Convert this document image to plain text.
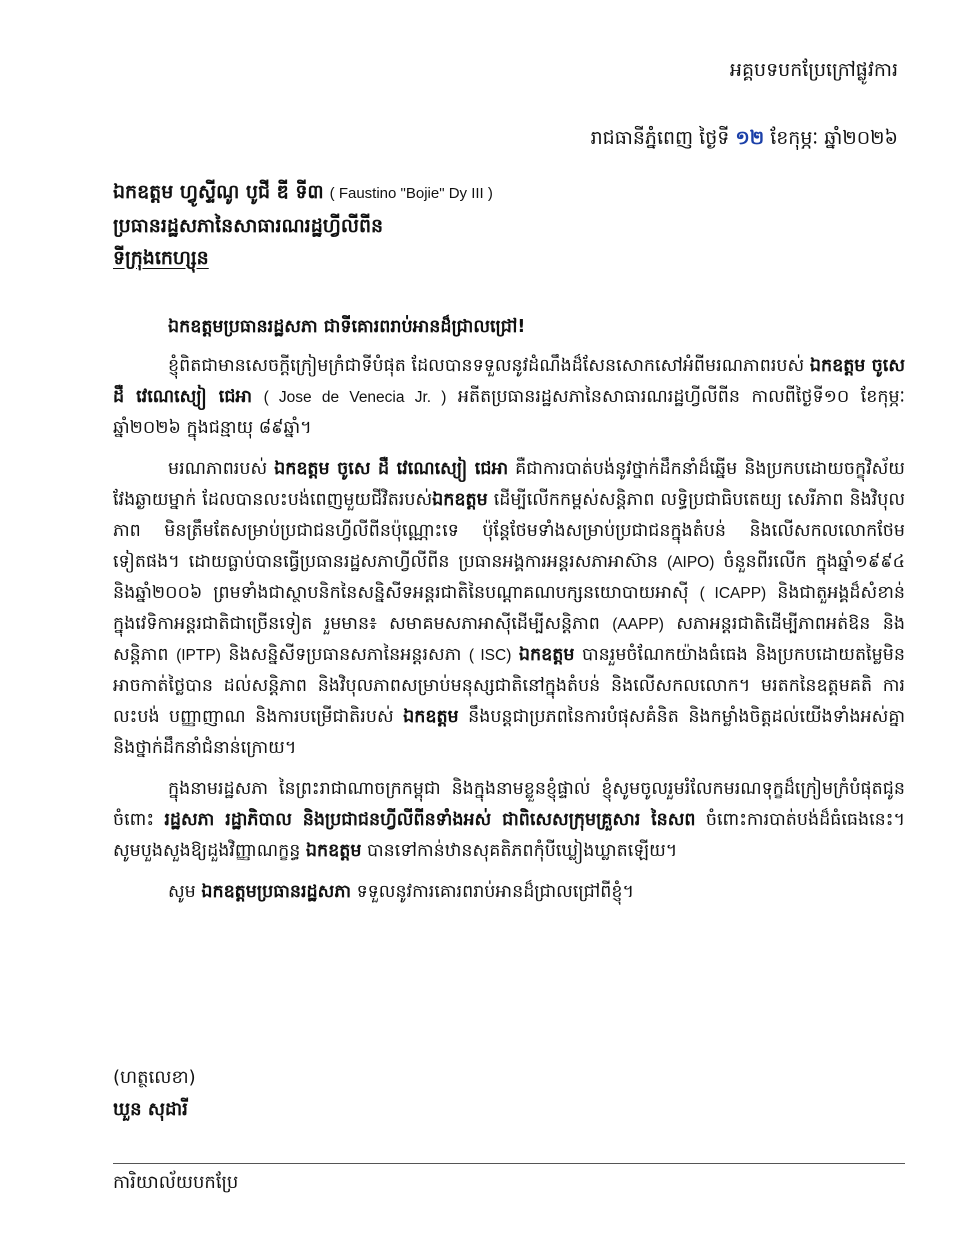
អគ្គបទបកប្រែក្រៅផ្លូវការ
រាជធានីភ្នំពេញ ថ្ងៃទី ១២ ខែកុម្ភៈ ឆ្នាំ២០២៦
ឯកឧត្តម ហ្វូស្ទីណូ បូជី ឌី ទី៣ ( Faustino "Bojie" Dy III )
ប្រធានរដ្ឋសភានៃសាធារណរដ្ឋហ្វីលីពីន
ទីក្រុងកេហ្សុន

ឯកឧត្តមប្រធានរដ្ឋសភា ជាទីគោរពរាប់អានដ៏ជ្រាលជ្រៅ!

ខ្ញុំពិតជាមានសេចក្តីក្រៀមក្រំជាទីបំផុត ដែលបានទទួលនូវដំណឹងដ៏សែនសោកសៅអំពីមរណភាពរបស់ ឯកឧត្តម ចូសេ ដឺ វេណេស្យៀ ជេអា ( Jose de Venecia Jr. ) អតីតប្រធានរដ្ឋសភានៃសាធារណរដ្ឋហ្វីលីពីន កាលពីថ្ងៃទី១០ ខែកុម្ភៈ ឆ្នាំ២០២៦ ក្នុងជន្មាយុ ៨៩ឆ្នាំ។

មរណភាពរបស់ ឯកឧត្តម ចូសេ ដឺ វេណេស្យៀ ជេអា គឺជាការបាត់បង់នូវថ្នាក់ដឹកនាំដ៏ឆ្នើម និងប្រកបដោយចក្ខុវិស័យវែងឆ្ងាយម្នាក់ ដែលបានលះបង់ពេញមួយជីវិតរបស់ឯកឧត្តម ដើម្បីលើកកម្ពស់សន្តិភាព លទ្ធិប្រជាធិបតេយ្យ សេរីភាព និងវិបុលភាព មិនត្រឹមតែសម្រាប់ប្រជាជនហ្វីលីពីនប៉ុណ្ណោះទេ ប៉ុន្តែថែមទាំងសម្រាប់ប្រជាជនក្នុងតំបន់ និងលើសកលលោកថែមទៀតផង។ ដោយធ្លាប់បានធ្វើប្រធានរដ្ឋសភាហ្វីលីពីន ប្រធានអង្គការអន្តរសភាអាស៊ាន (AIPO) ចំនួនពីរលើក ក្នុងឆ្នាំ១៩៩៤ និងឆ្នាំ២០០៦ ព្រមទាំងជាស្ថាបនិកនៃសន្និសីទអន្តរជាតិនៃបណ្តាគណបក្សនយោបាយអាស៊ី ( ICAPP) និងជាតួអង្គដ៏សំខាន់ក្នុងវេទិកាអន្តរជាតិជាច្រើនទៀត រួមមាន៖ សមាគមសភាអាស៊ីដើម្បីសន្តិភាព (AAPP) សភាអន្តរជាតិដើម្បីភាពអត់ឱន និងសន្តិភាព (IPTP) និងសន្និសីទប្រធានសភានៃអន្តរសភា ( ISC) ឯកឧត្តម បានរួមចំណែកយ៉ាងធំធេង និងប្រកបដោយតម្លៃមិនអាចកាត់ថ្លៃបាន ដល់សន្តិភាព និងវិបុលភាពសម្រាប់មនុស្សជាតិនៅក្នុងតំបន់ និងលើសកលលោក។ មរតកនៃឧត្តមគតិ ការលះបង់ បញ្ញាញាណ និងការបម្រើជាតិរបស់ ឯកឧត្តម នឹងបន្តជាប្រភពនៃការបំផុសគំនិត និងកម្លាំងចិត្តដល់យើងទាំងអស់គ្នា និងថ្នាក់ដឹកនាំជំនាន់ក្រោយ។

ក្នុងនាមរដ្ឋសភា នៃព្រះរាជាណាចក្រកម្ពុជា និងក្នុងនាមខ្លួនខ្ញុំផ្ទាល់ ខ្ញុំសូមចូលរួមរំលែកមរណទុក្ខដ៏ក្រៀមក្រំបំផុតជូនចំពោះ រដ្ឋសភា រដ្ឋាភិបាល និងប្រជាជនហ្វីលីពីនទាំងអស់ ជាពិសេសក្រុមគ្រួសារ នៃសព ចំពោះការបាត់បង់ដ៏ធំធេងនេះ។ សូមបួងសួងឱ្យដួងវិញ្ញាណក្ខន្ធ ឯកឧត្តម បានទៅកាន់ឋានសុគតិភពកុំបីឃ្លៀងឃ្លាតឡើយ។

សូម ឯកឧត្តមប្រធានរដ្ឋសភា ទទួលនូវការគោរពរាប់អានដ៏ជ្រាលជ្រៅពីខ្ញុំ។

(ហត្ថលេខា)
ឃួន សុដារី
ការិយាល័យបកប្រែ
